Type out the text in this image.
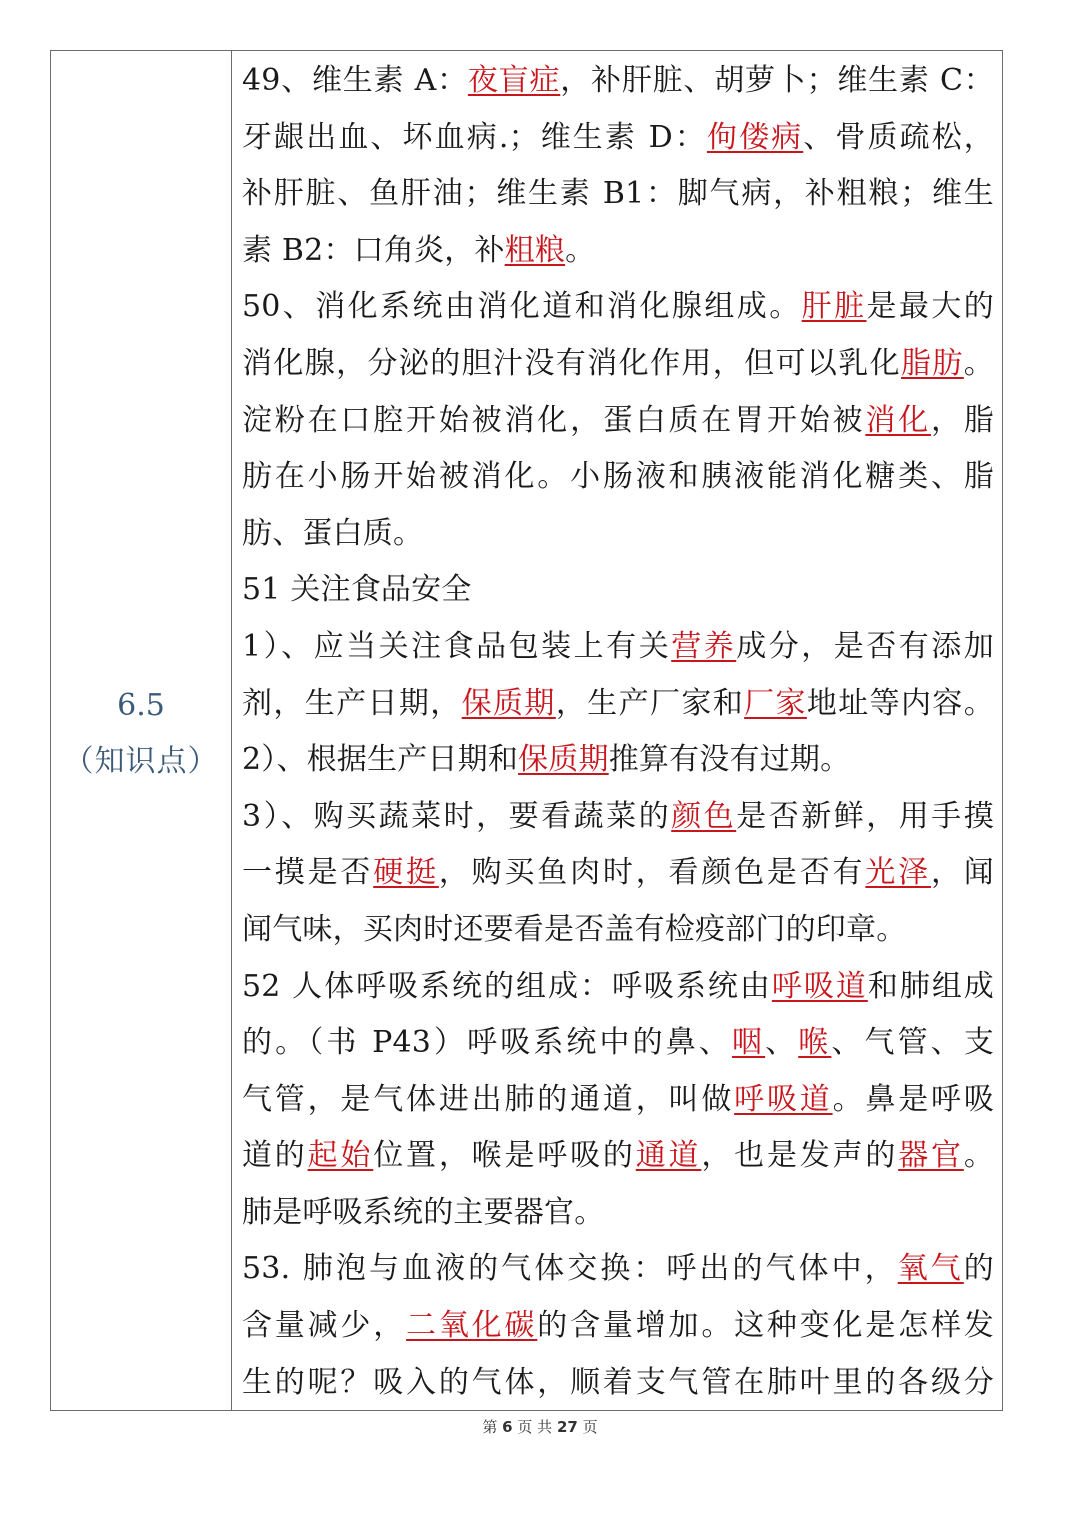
6.5
（知识点）
49、维生素 A：夜盲症，补肝脏、胡萝卜；维生素 C：
牙龈出血、坏血病.；维生素 D：佝偻病、骨质疏松，
补肝脏、鱼肝油；维生素 B1：脚气病，补粗粮；维生
素 B2：口角炎，补粗粮。
50、消化系统由消化道和消化腺组成。肝脏是最大的
消化腺，分泌的胆汁没有消化作用，但可以乳化脂肪。
淀粉在口腔开始被消化，蛋白质在胃开始被消化，脂
肪在小肠开始被消化。小肠液和胰液能消化糖类、脂
肪、蛋白质。
51 关注食品安全
1）、应当关注食品包装上有关营养成分，是否有添加
剂，生产日期，保质期，生产厂家和厂家地址等内容。
2）、根据生产日期和保质期推算有没有过期。
3）、购买蔬菜时，要看蔬菜的颜色是否新鲜，用手摸
一摸是否硬挺，购买鱼肉时，看颜色是否有光泽，闻
闻气味，买肉时还要看是否盖有检疫部门的印章。
52 人体呼吸系统的组成：呼吸系统由呼吸道和肺组成
的。（书 P43）呼吸系统中的鼻、咽、喉、气管、支
气管，是气体进出肺的通道，叫做呼吸道。鼻是呼吸
道的起始位置，喉是呼吸的通道，也是发声的器官。
肺是呼吸系统的主要器官。
53. 肺泡与血液的气体交换：呼出的气体中，氧气的
含量减少，二氧化碳的含量增加。这种变化是怎样发
生的呢？吸入的气体，顺着支气管在肺叶里的各级分
第 6 页 共 27 页
